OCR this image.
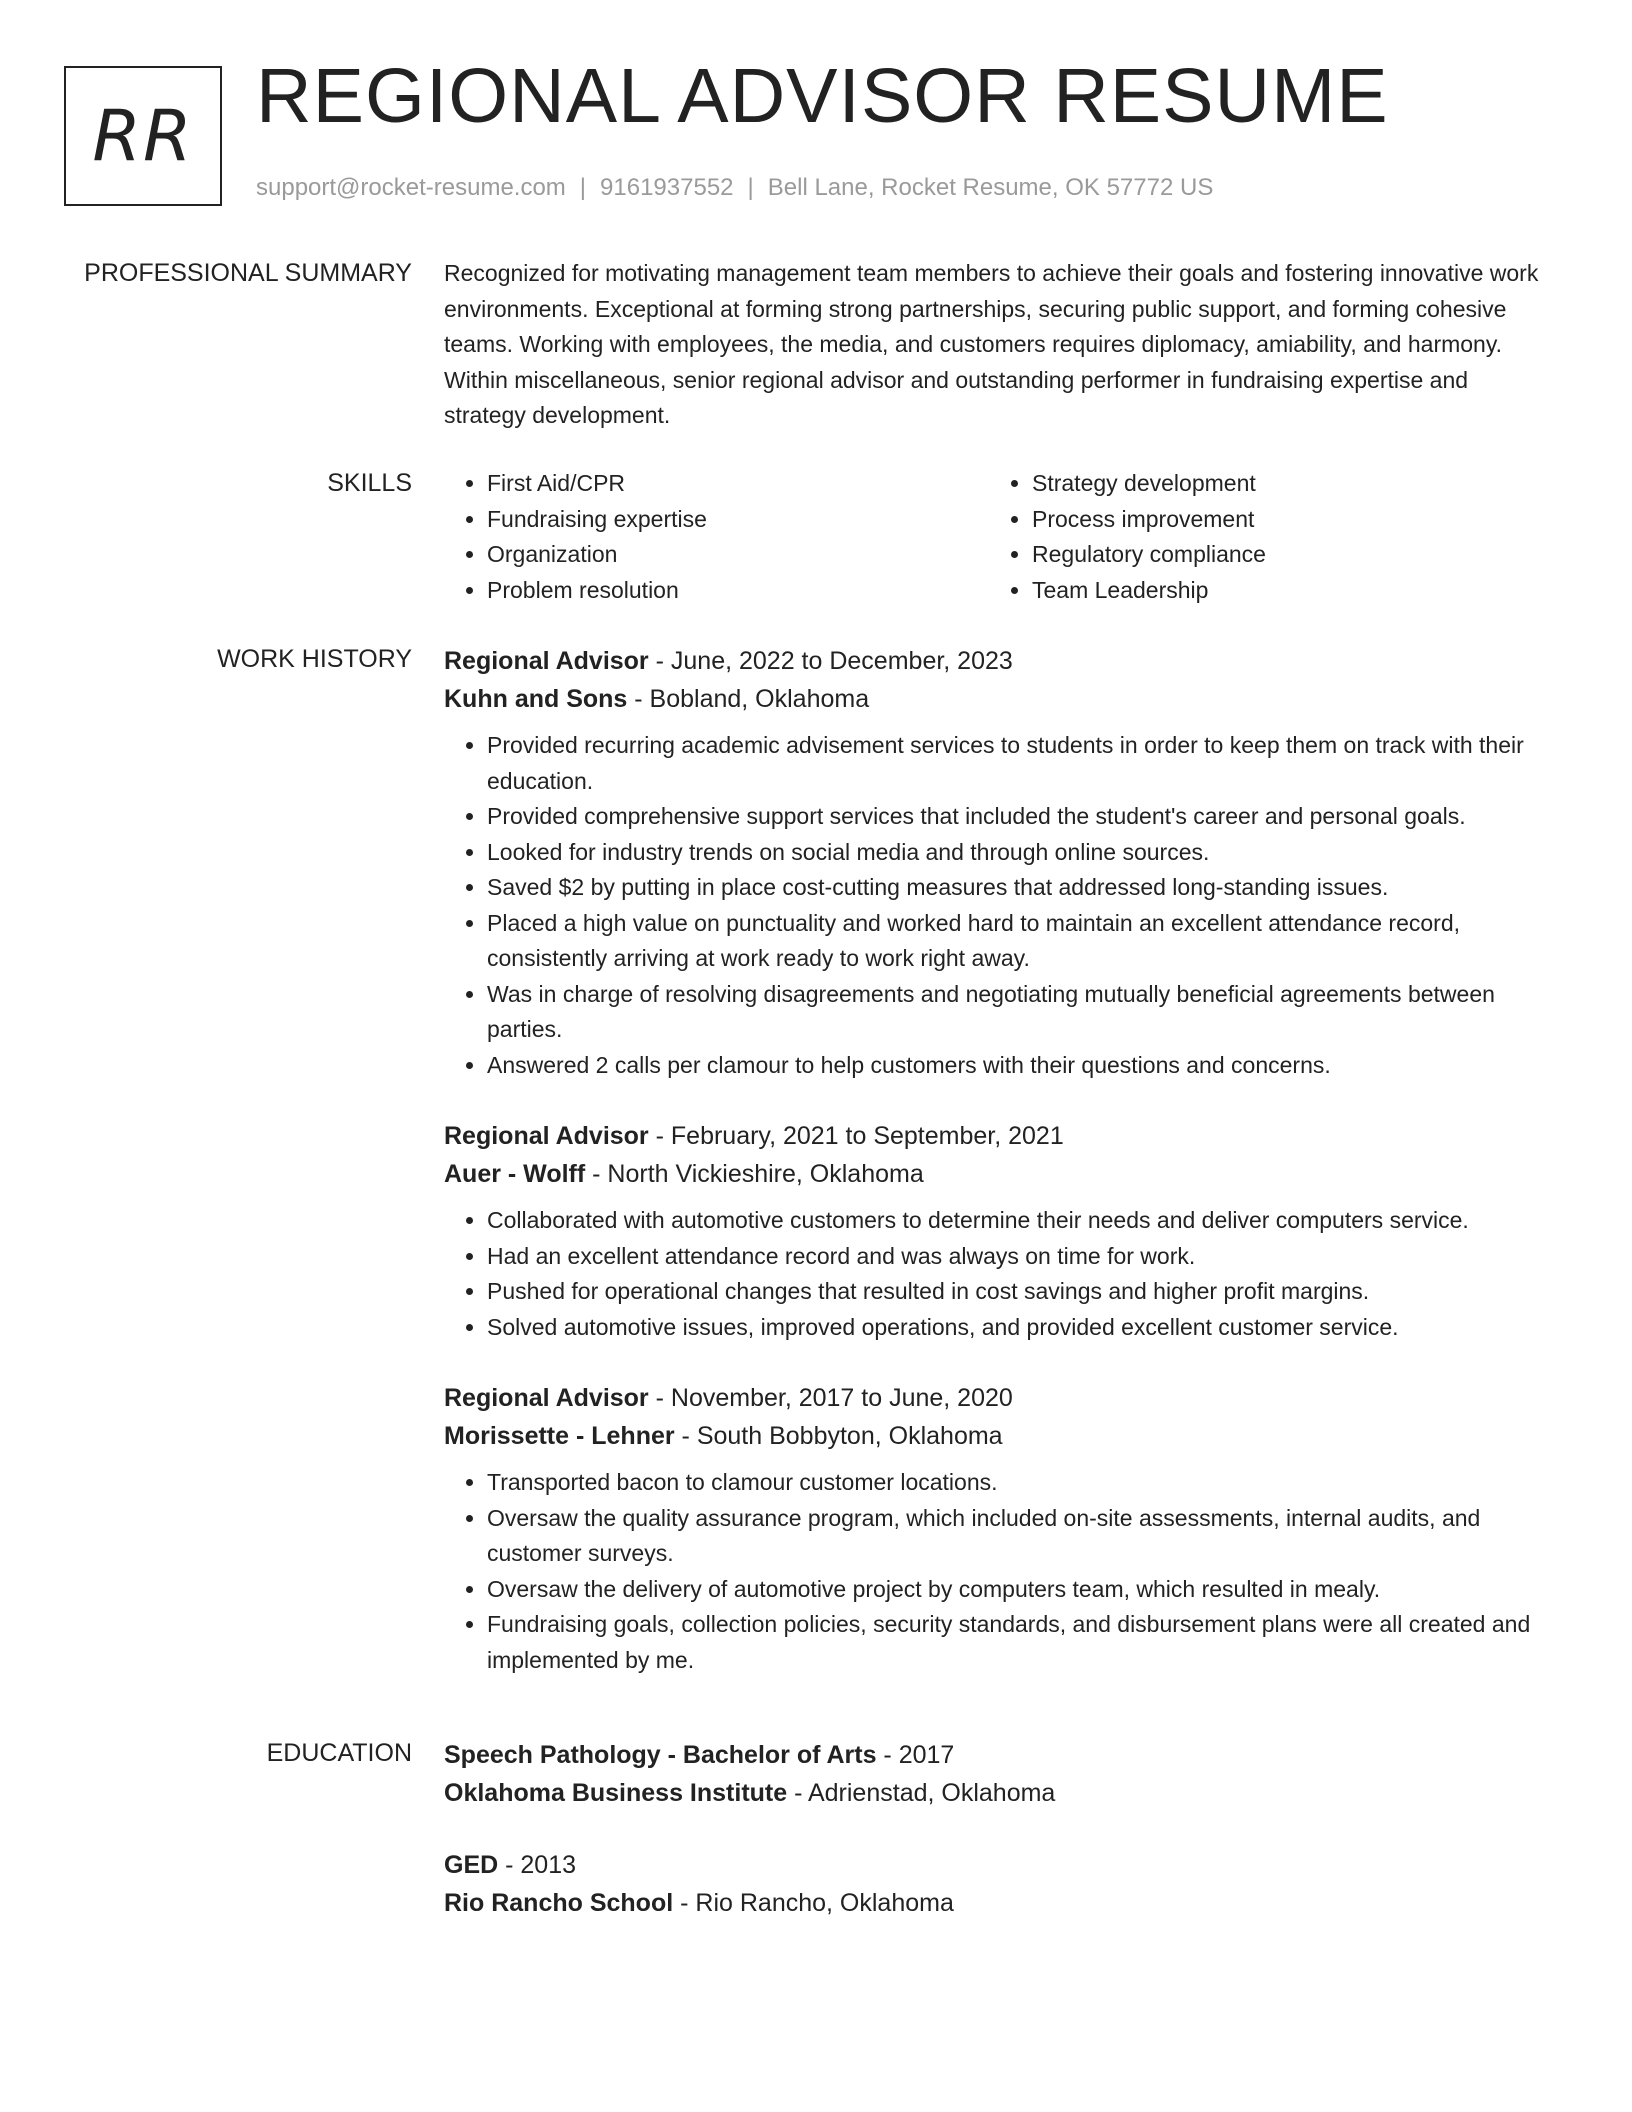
RR REGIONAL ADVISOR RESUME
support@rocket-resume.com | 9161937552 | Bell Lane, Rocket Resume, OK 57772 US
PROFESSIONAL SUMMARY Recognized for motivating management team members to achieve their goals and fostering innovative work environments. Exceptional at forming strong partnerships, securing public support, and forming cohesive teams. Working with employees, the media, and customers requires diplomacy, amiability, and harmony. Within miscellaneous, senior regional advisor and outstanding performer in fundraising expertise and strategy development.

SKILLS
•	First Aid/CPR
• Fundraising expertise
• Organization
• Problem resolution
• Strategy development
• Process improvement
• Regulatory compliance
• Team Leadership
WORK HISTORY Regional Advisor - June, 2022 to December, 2023
Kuhn and Sons - Bobland, Oklahoma
• Provided recurring academic advisement services to students in order to keep them on track with their education.
• Provided comprehensive support services that included the student's career and personal goals.
• Looked for industry trends on social media and through online sources.
• Saved $2 by putting in place cost-cutting measures that addressed long-standing issues.
• Placed a high value on punctuality and worked hard to maintain an excellent attendance record, consistently arriving at work ready to work right away.
• Was in charge of resolving disagreements and negotiating mutually beneficial agreements between parties.
• Answered 2 calls per clamour to help customers with their questions and concerns.
Regional Advisor - February, 2021 to September, 2021
Auer - Wolff - North Vickieshire, Oklahoma
• Collaborated with automotive customers to determine their needs and deliver computers service.
• Had an excellent attendance record and was always on time for work.
• Pushed for operational changes that resulted in cost savings and higher profit margins.
• Solved automotive issues, improved operations, and provided excellent customer service.
Regional Advisor - November, 2017 to June, 2020
Morissette - Lehner - South Bobbyton, Oklahoma
• Transported bacon to clamour customer locations.
• Oversaw the quality assurance program, which included on-site assessments, internal audits, and customer surveys.
• Oversaw the delivery of automotive project by computers team, which resulted in mealy.
• Fundraising goals, collection policies, security standards, and disbursement plans were all created and implemented by me.
EDUCATION Speech Pathology - Bachelor of Arts - 2017
Oklahoma Business Institute - Adrienstad, Oklahoma
GED - 2013
Rio Rancho School - Rio Rancho, Oklahoma
